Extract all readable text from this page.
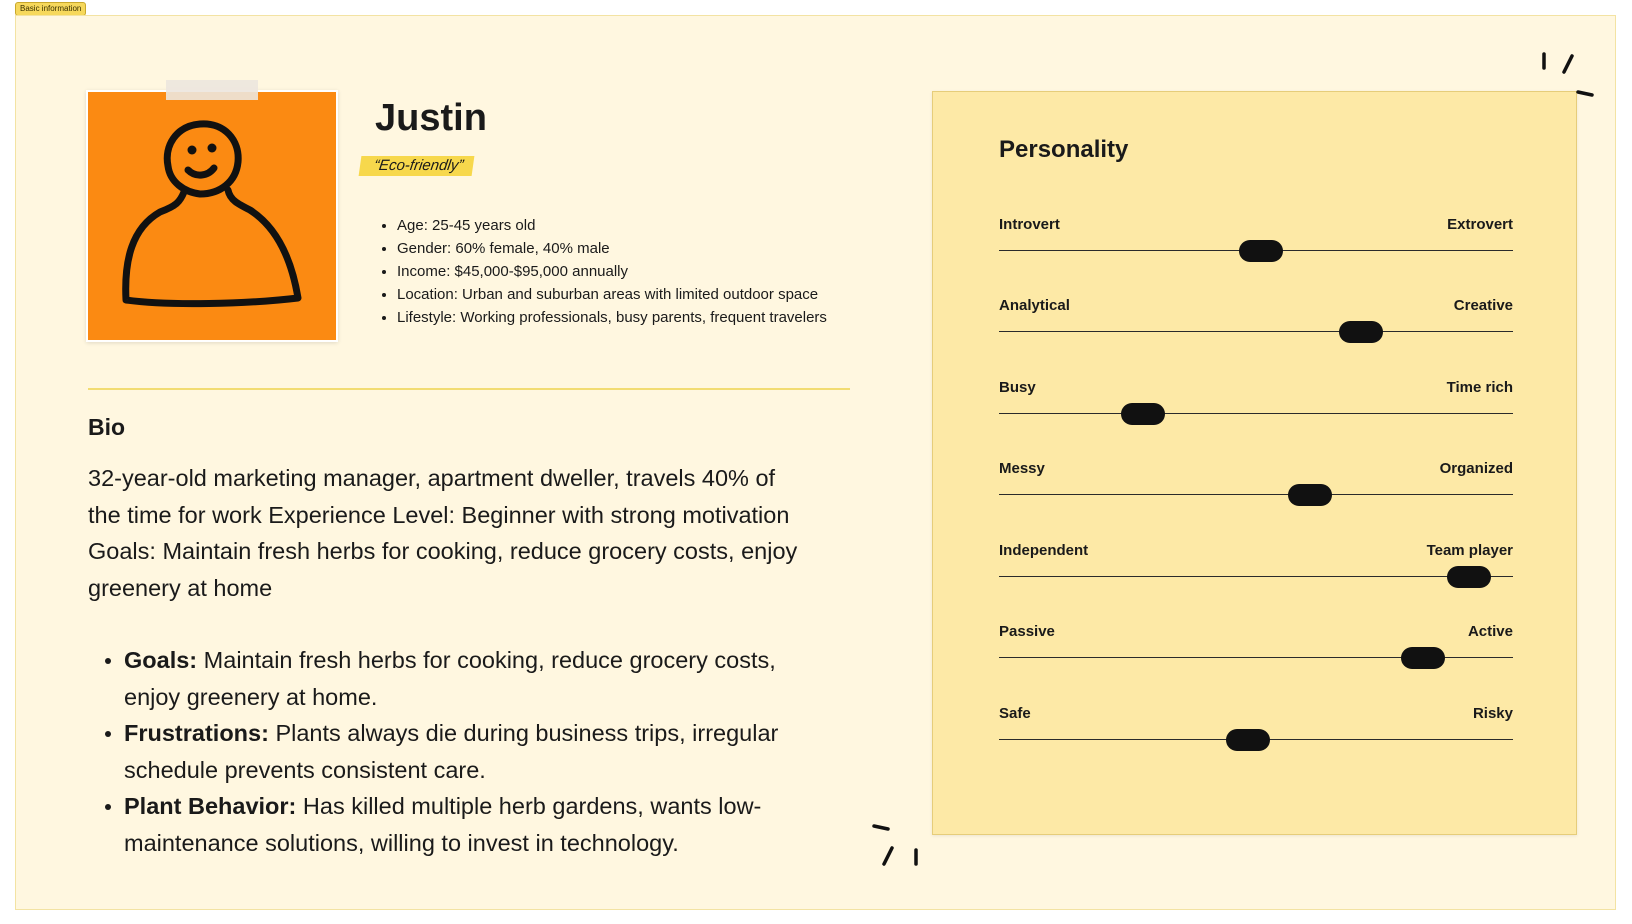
Basic information
Justin
“Eco-friendly”
• Age: 25-45 years old
• Gender: 60% female, 40% male
• Income: $45,000-$95,000 annually
• Location: Urban and suburban areas with limited outdoor space
• Lifestyle: Working professionals, busy parents, frequent travelers
Bio

32-year-old marketing manager, apartment dweller, travels 40% of the time for work Experience Level: Beginner with strong motivation Goals: Maintain fresh herbs for cooking, reduce grocery costs, enjoy greenery at home

Goals: Maintain fresh herbs for cooking, reduce grocery costs, enjoy greenery at home.
Frustrations: Plants always die during business trips, irregular schedule prevents consistent care.
Plant Behavior: Has killed multiple herb gardens, wants low-maintenance solutions, willing to invest in technology.
Personality
Introvert	Extrovert
Analytical	Creative
Busy	Time rich
Messy	Organized
Independent	Team player
Passive	Active
Safe	Risky
